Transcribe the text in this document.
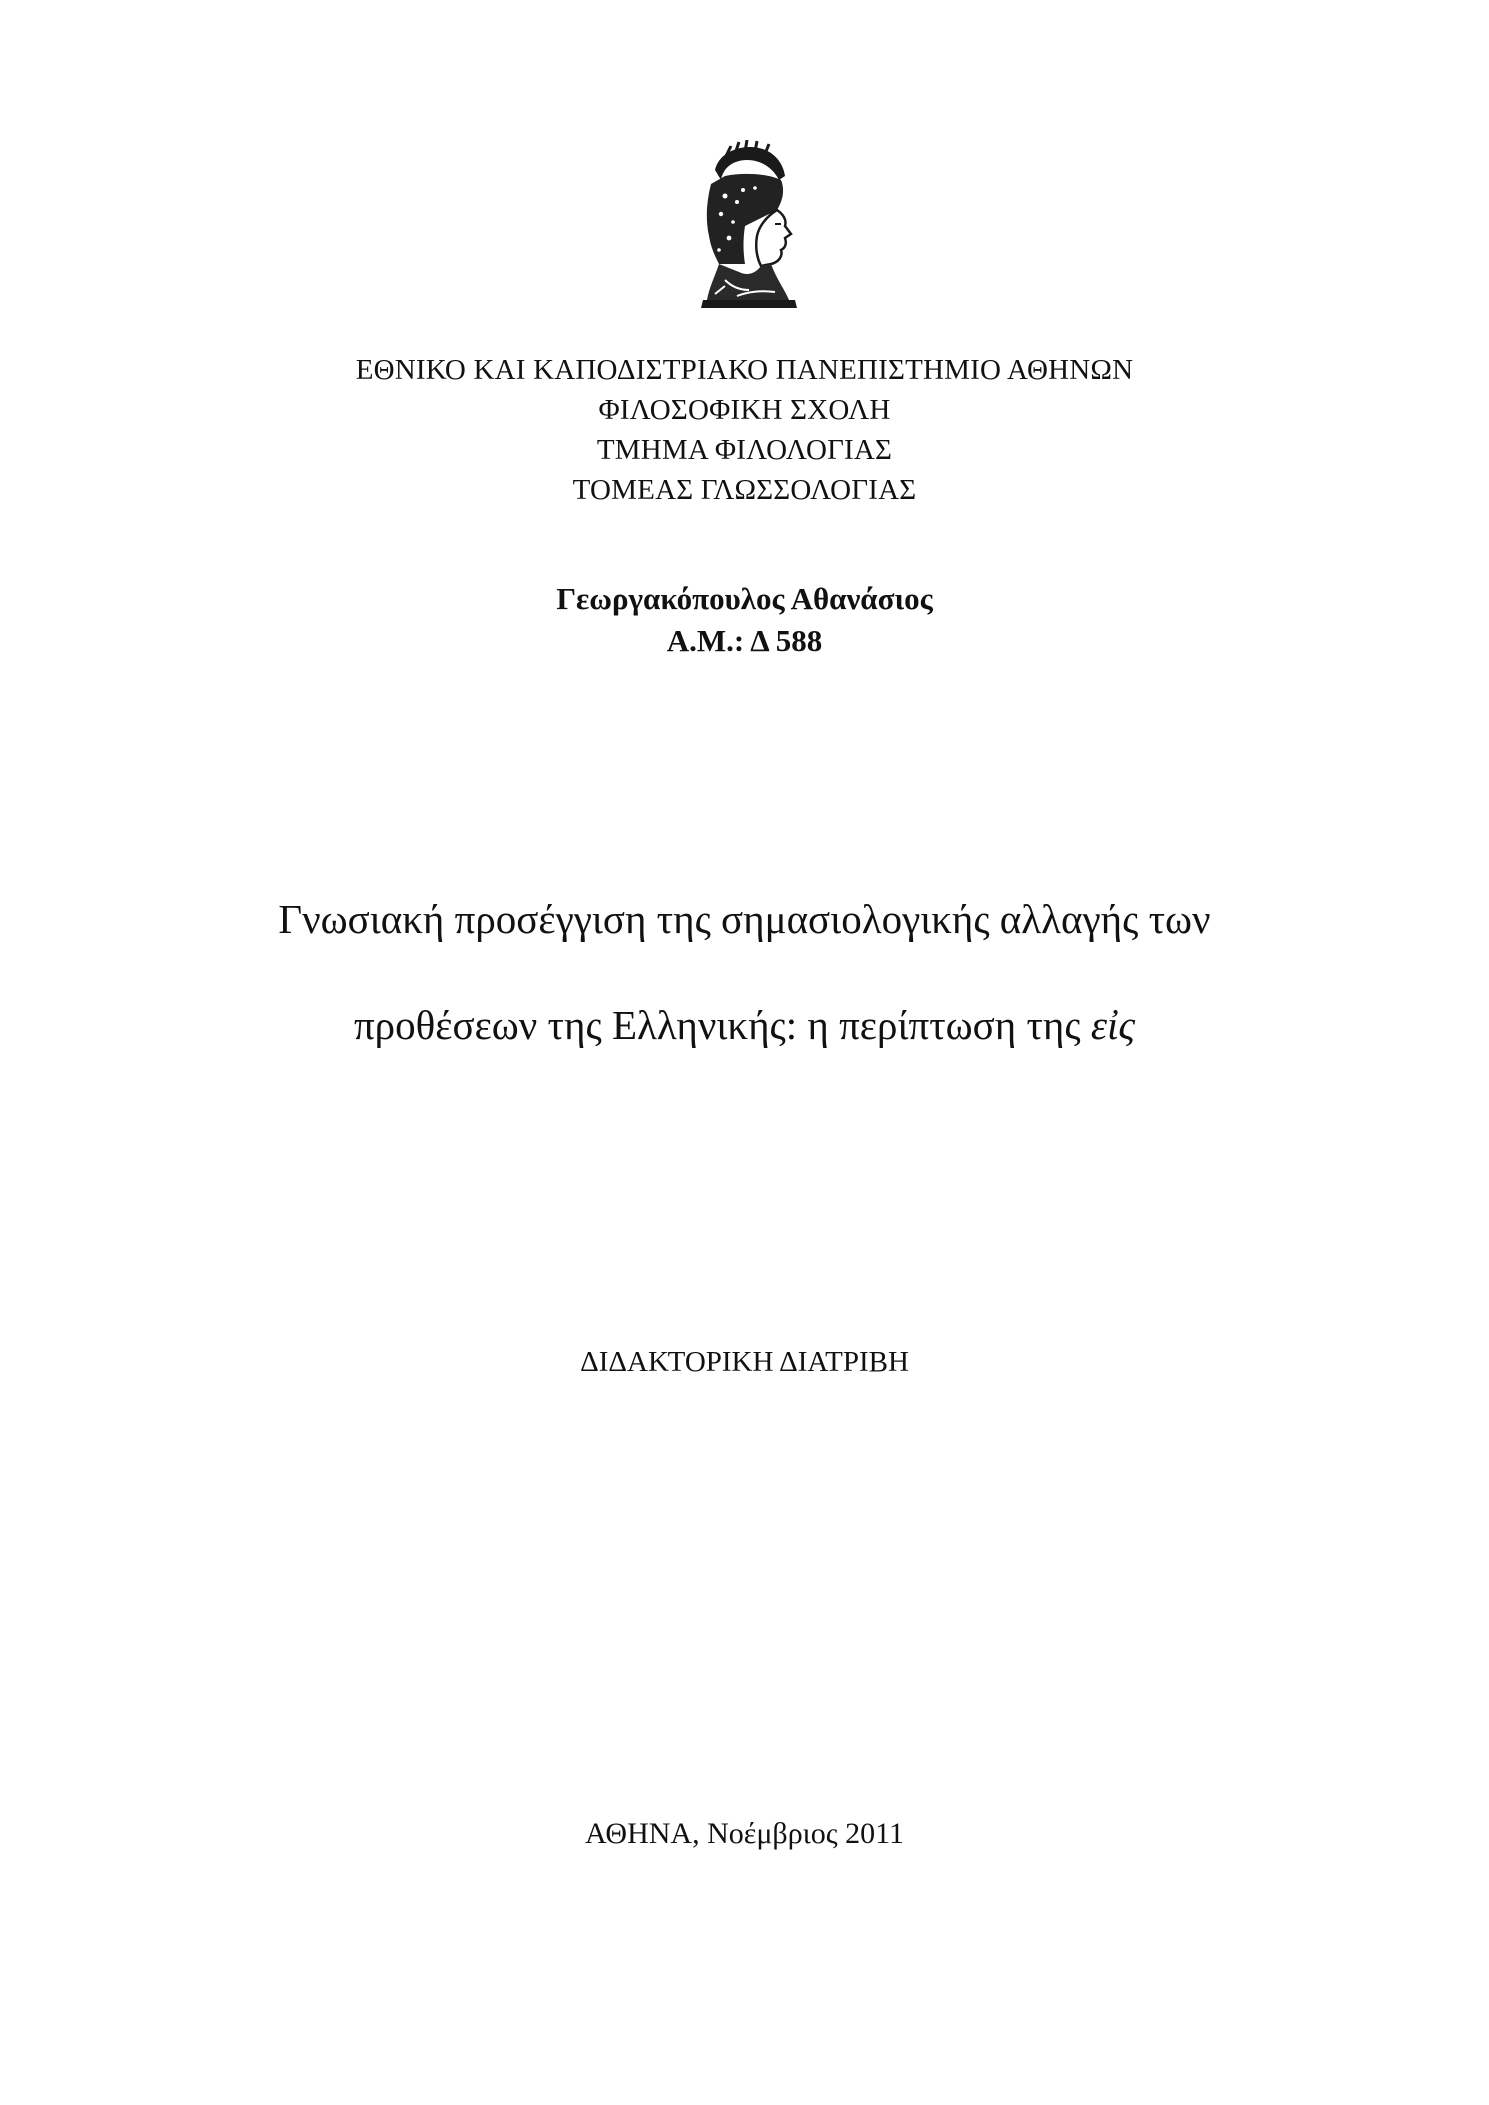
ΕΘΝΙΚΟ ΚΑΙ ΚΑΠΟΔΙΣΤΡΙΑΚΟ ΠΑΝΕΠΙΣΤΗΜΙΟ ΑΘΗΝΩΝ
ΦΙΛΟΣΟΦΙΚΗ ΣΧΟΛΗ
ΤΜΗΜΑ ΦΙΛΟΛΟΓΙΑΣ
ΤΟΜΕΑΣ ΓΛΩΣΣΟΛΟΓΙΑΣ
Γεωργακόπουλος Αθανάσιος
Α.Μ.: Δ 588
Γνωσιακή προσέγγιση της σημασιολογικής αλλαγής των
προθέσεων της Ελληνικής: η περίπτωση της εἰς
ΔΙΔΑΚΤΟΡΙΚΗ ΔΙΑΤΡΙΒΗ
ΑΘΗΝΑ, Νοέμβριος 2011
